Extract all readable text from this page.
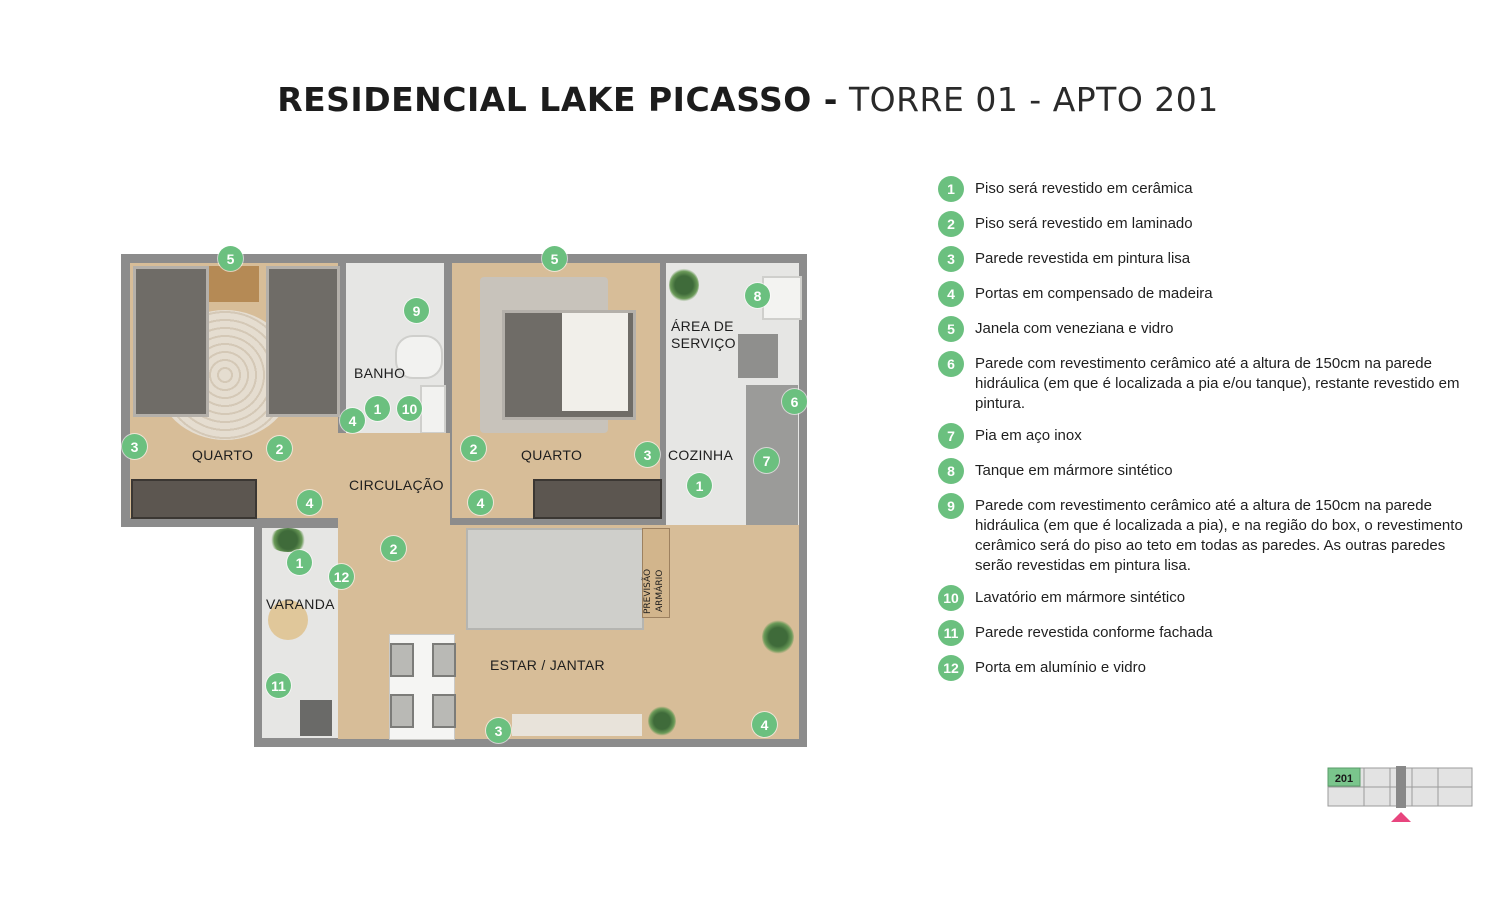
RESIDENCIAL LAKE PICASSO - TORRE 01 - APTO 201
QUARTO
BANHO
CIRCULAÇÃO
QUARTO
ÁREA DE
SERVIÇO
COZINHA
VARANDA
ESTAR / JANTAR
PREVISÃO ARMÁRIO
5
9
5
8
1	10
4
3	2	2	3
6
7
1
4	4
2
1
12
11
3	4
1	Piso será revestido em cerâmica
2	Piso será revestido em laminado
3	Parede revestida em pintura lisa
4	Portas em compensado de madeira
5	Janela com veneziana e vidro
6	Parede com revestimento cerâmico até a altura de 150cm na parede hidráulica (em que é localizada a pia e/ou tanque), restante revestido em pintura.
7	Pia em aço inox
8	Tanque em mármore sintético
9	Parede com revestimento cerâmico até a altura de 150cm na parede hidráulica (em que é localizada a pia), e na região do box, o revestimento cerâmico será do piso ao teto em todas as paredes. As outras paredes serão revestidas em pintura lisa.
10	Lavatório em mármore sintético
11	Parede revestida conforme fachada
12	Porta em alumínio e vidro
201
